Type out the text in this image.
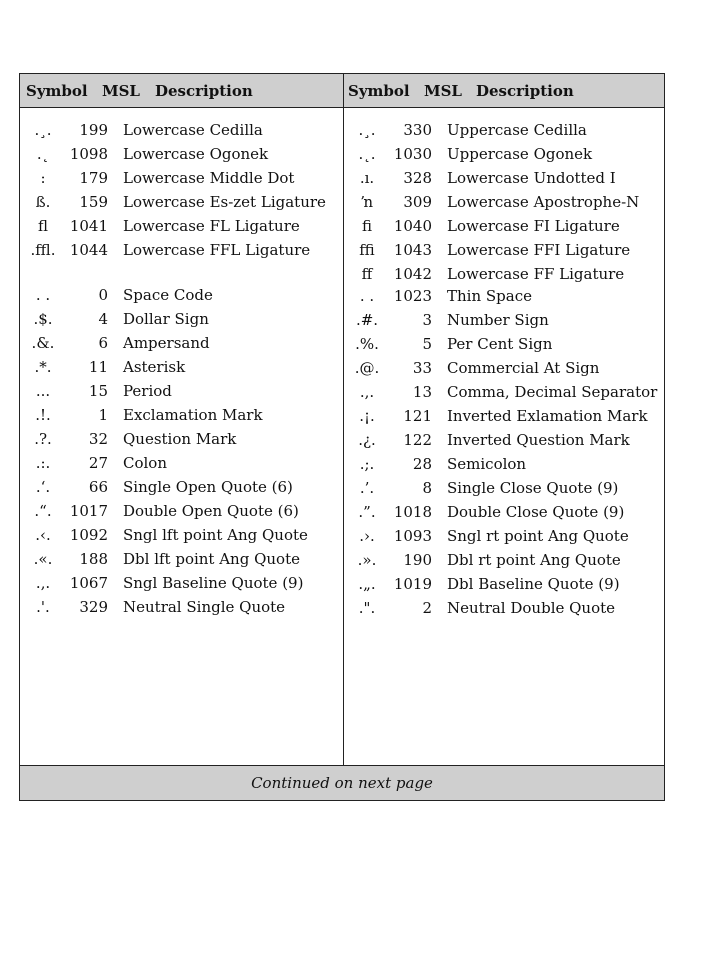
Symbol MSL Description	Symbol MSL Description
.¸.	199 Lowercase Cedilla
.˛	1098 Lowercase Ogonek
:	179 Lowercase Middle Dot
ß.	159 Lowercase Es-zet Ligature
ﬂ	1041 Lowercase FL Ligature
.ﬄ. 1044 Lowercase FFL Ligature
. .	0 Space Code
.$.	4 Dollar Sign
.&.	6 Ampersand
.*.	11 Asterisk
...	15 Period
.!.	1 Exclamation Mark
.?.	32 Question Mark
.:.	27 Colon
.‘.	66 Single Open Quote (6)
.“.	1017 Double Open Quote (6)
.‹.	1092 Sngl lft point Ang Quote
.«.	188 Dbl lft point Ang Quote
.‚.	1067 Sngl Baseline Quote (9)
.'.	329 Neutral Single Quote
.¸.	330 Uppercase Cedilla
.˛.	1030 Uppercase Ogonek
.ı.	328 Lowercase Undotted I
ŉ	309 Lowercase Apostrophe-N
ﬁ	1040 Lowercase FI Ligature
ﬃ	1043 Lowercase FFI Ligature
ﬀ	1042 Lowercase FF Ligature
. .	1023 Thin Space
.#.	3 Number Sign
.%.	5 Per Cent Sign
.@.	33 Commercial At Sign
.,.	13 Comma, Decimal Separator
.¡.	121 Inverted Exlamation Mark
.¿.	122 Inverted Question Mark
.;.	28 Semicolon
.’.	8 Single Close Quote (9)
.”.	1018 Double Close Quote (9)
.›.	1093 Sngl rt point Ang Quote
.».	190 Dbl rt point Ang Quote
.„.	1019 Dbl Baseline Quote (9)
.".	2 Neutral Double Quote
Continued on next page
